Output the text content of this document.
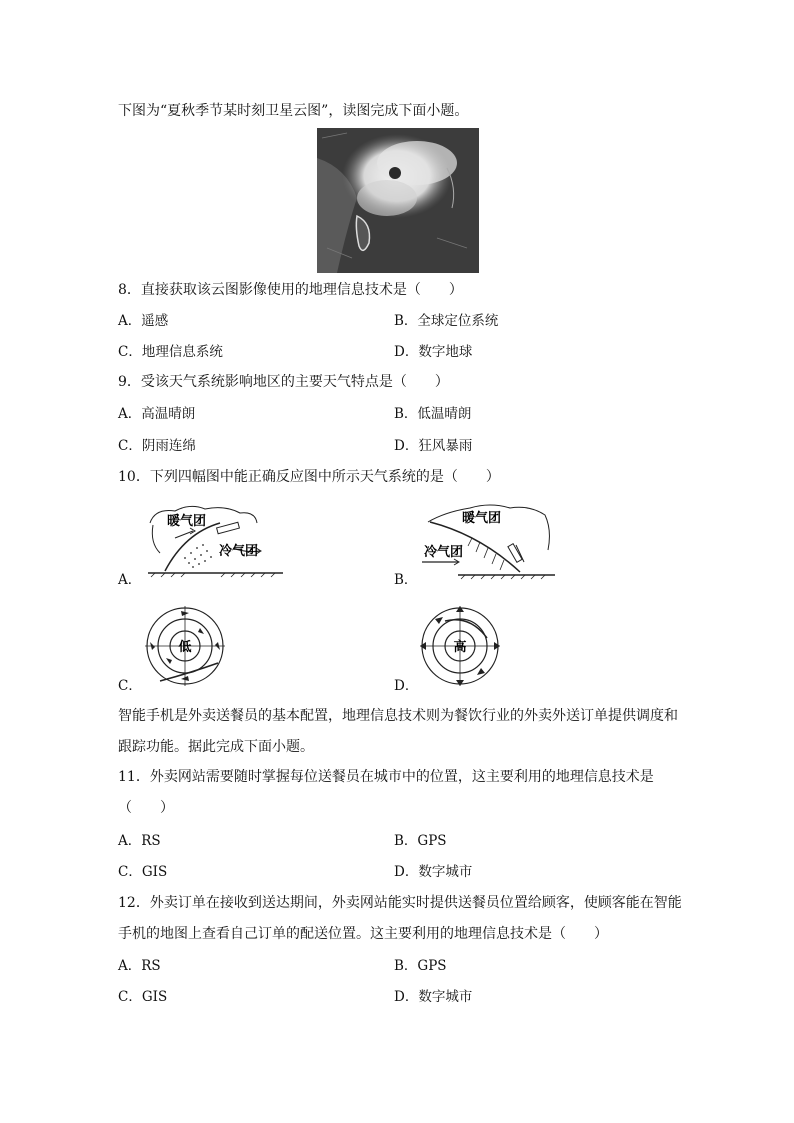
下图为“夏秋季节某时刻卫星云图”，读图完成下面小题。
8．直接获取该云图影像使用的地理信息技术是（　　）
A．遥感	B．全球定位系统
C．地理信息系统	D．数字地球
9．受该天气系统影响地区的主要天气特点是（　　）
A．高温晴朗	B．低温晴朗
C．阴雨连绵	D．狂风暴雨
10．下列四幅图中能正确反应图中所示天气系统的是（　　）
暖气团
冷气团
暖气团
冷气团
A．	B．
低	高
C．	D．
智能手机是外卖送餐员的基本配置，地理信息技术则为餐饮行业的外卖外送订单提供调度和
跟踪功能。据此完成下面小题。
11．外卖网站需要随时掌握每位送餐员在城市中的位置，这主要利用的地理信息技术是
（　　）
A．RS	B．GPS
C．GIS	D．数字城市
12．外卖订单在接收到送达期间，外卖网站能实时提供送餐员位置给顾客，使顾客能在智能
手机的地图上查看自己订单的配送位置。这主要利用的地理信息技术是（　　）
A．RS	B．GPS
C．GIS	D．数字城市
